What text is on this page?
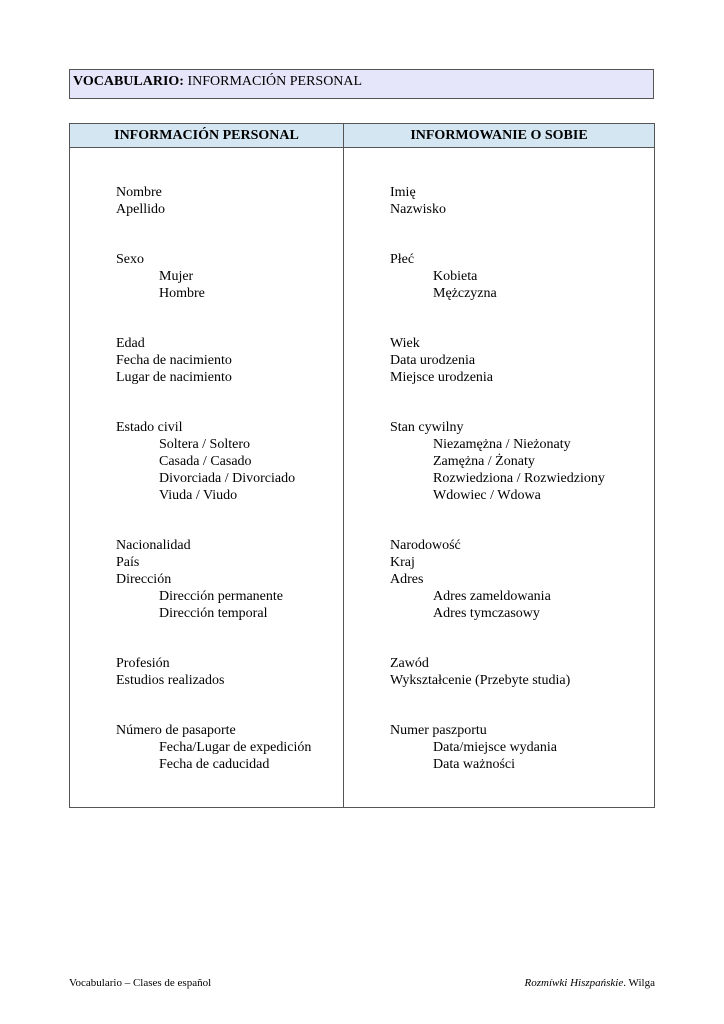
VOCABULARIO: INFORMACIÓN PERSONAL
INFORMACIÓN PERSONAL	INFORMOWANIE O SOBIE
Nombre
Apellido
Sexo
Mujer
Hombre
Edad
Fecha de nacimiento
Lugar de nacimiento
Estado civil
Soltera / Soltero
Casada / Casado
Divorciada / Divorciado
Viuda / Viudo
Nacionalidad
País
Dirección
Dirección permanente
Dirección temporal
Profesión
Estudios realizados
Número de pasaporte
Fecha/Lugar de expedición
Fecha de caducidad
Imię
Nazwisko
Płeć
Kobieta
Mężczyzna
Wiek
Data urodzenia
Miejsce urodzenia
Stan cywilny
Niezamężna / Nieżonaty
Zamężna / Żonaty
Rozwiedziona / Rozwiedziony
Wdowiec / Wdowa
Narodowość
Kraj
Adres
Adres zameldowania
Adres tymczasowy
Zawód
Wykształcenie (Przebyte studia)
Numer paszportu
Data/miejsce wydania
Data ważności
Vocabulario – Clases de español	Rozmíwki Hiszpańskie. Wilga
